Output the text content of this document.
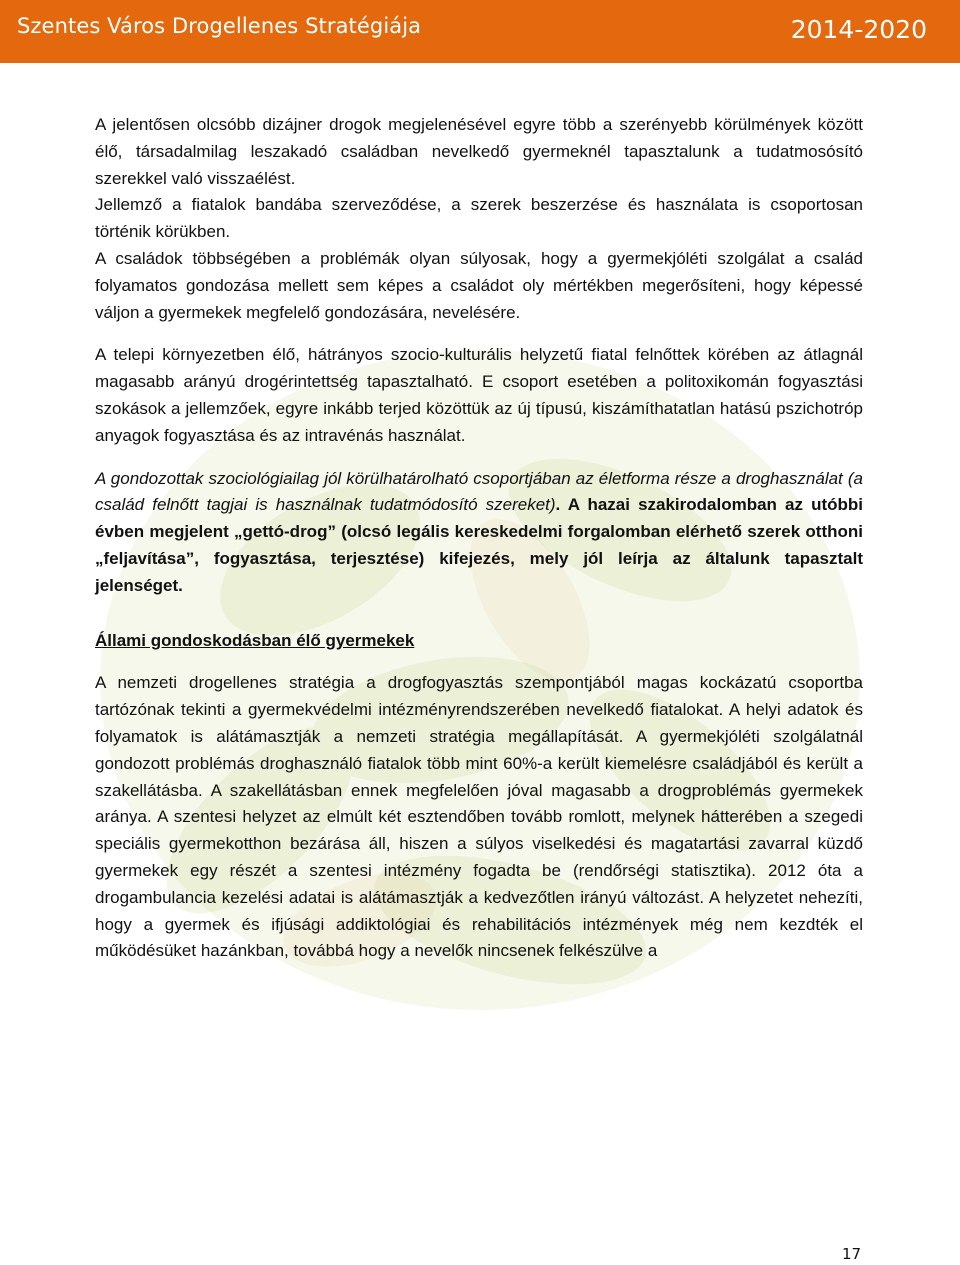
Szentes Város Drogellenes Stratégiája	2014-2020

A jelentősen olcsóbb dizájner drogok megjelenésével egyre több a szerényebb körülmények között élő, társadalmilag leszakadó családban nevelkedő gyermeknél tapasztalunk a tudatmosósító szerekkel való visszaélést.

Jellemző a fiatalok bandába szerveződése, a szerek beszerzése és használata is csoportosan történik körükben.

A családok többségében a problémák olyan súlyosak, hogy a gyermekjóléti szolgálat a család folyamatos gondozása mellett sem képes a családot oly mértékben megerősíteni, hogy képessé váljon a gyermekek megfelelő gondozására, nevelésére.

A telepi környezetben élő, hátrányos szocio-kulturális helyzetű fiatal felnőttek körében az átlagnál magasabb arányú drogérintettség tapasztalható. E csoport esetében a politoxikomán fogyasztási szokások a jellemzőek, egyre inkább terjed közöttük az új típusú, kiszámíthatatlan hatású pszichotróp anyagok fogyasztása és az intravénás használat.

A gondozottak szociológiailag jól körülhatárolható csoportjában az életforma része a droghasználat (a család felnőtt tagjai is használnak tudatmódosító szereket). A hazai szakirodalomban az utóbbi évben megjelent „gettó-drog” (olcsó legális kereskedelmi forgalomban elérhető szerek otthoni „feljavítása”, fogyasztása, terjesztése) kifejezés, mely jól leírja az általunk tapasztalt jelenséget.

Állami gondoskodásban élő gyermekek

A nemzeti drogellenes stratégia a drogfogyasztás szempontjából magas kockázatú csoportba tartózónak tekinti a gyermekvédelmi intézményrendszerében nevelkedő fiatalokat. A helyi adatok és folyamatok is alátámasztják a nemzeti stratégia megállapítását. A gyermekjóléti szolgálatnál gondozott problémás droghasználó fiatalok több mint 60%-a került kiemelésre családjából és került a szakellátásba. A szakellátásban ennek megfelelően jóval magasabb a drogproblémás gyermekek aránya. A szentesi helyzet az elmúlt két esztendőben tovább romlott, melynek hátterében a szegedi speciális gyermekotthon bezárása áll, hiszen a súlyos viselkedési és magatartási zavarral küzdő gyermekek egy részét a szentesi intézmény fogadta be (rendőrségi statisztika). 2012 óta a drogambulancia kezelési adatai is alátámasztják a kedvezőtlen irányú változást. A helyzetet nehezíti, hogy a gyermek és ifjúsági addiktológiai és rehabilitációs intézmények még nem kezdték el működésüket hazánkban, továbbá hogy a nevelők nincsenek felkészülve a

17
